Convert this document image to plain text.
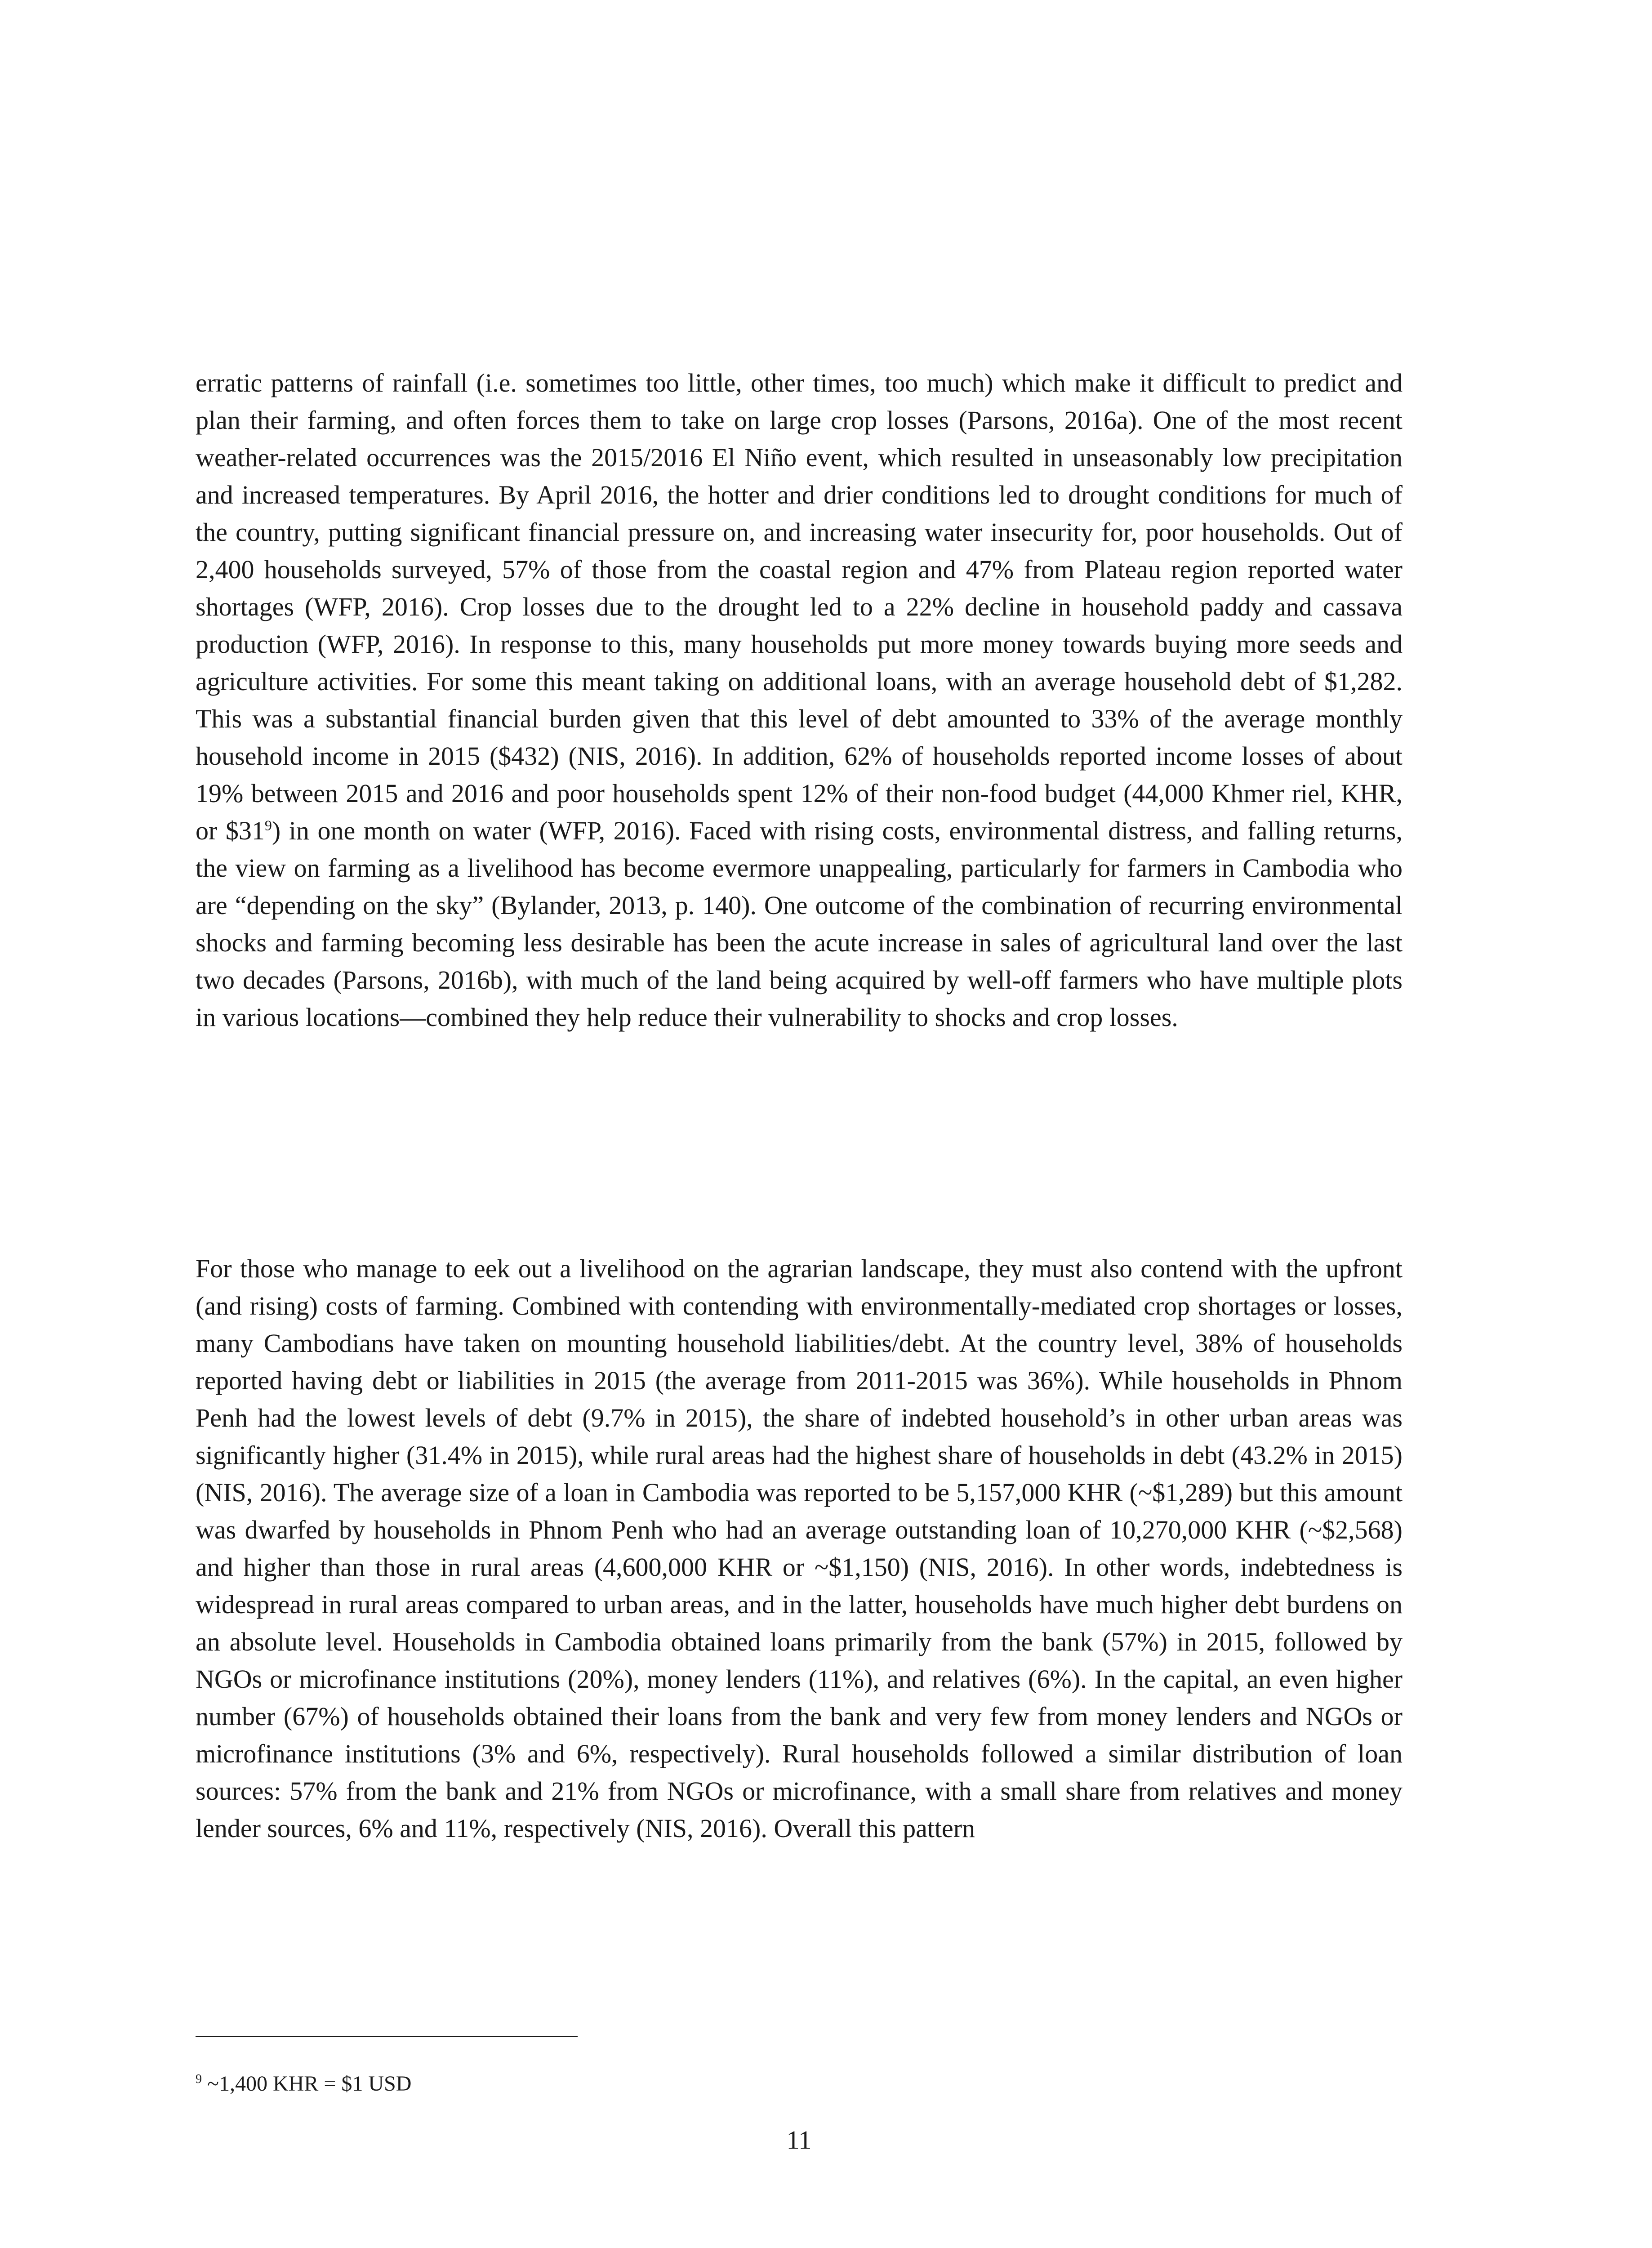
erratic patterns of rainfall (i.e. sometimes too little, other times, too much) which make it difficult to predict and plan their farming, and often forces them to take on large crop losses (Parsons, 2016a). One of the most recent weather-related occurrences was the 2015/2016 El Niño event, which resulted in unseasonably low precipitation and increased temperatures. By April 2016, the hotter and drier conditions led to drought conditions for much of the country, putting significant financial pressure on, and increasing water insecurity for, poor households. Out of 2,400 households surveyed, 57% of those from the coastal region and 47% from Plateau region reported water shortages (WFP, 2016). Crop losses due to the drought led to a 22% decline in household paddy and cassava production (WFP, 2016). In response to this, many households put more money towards buying more seeds and agriculture activities. For some this meant taking on additional loans, with an average household debt of $1,282. This was a substantial financial burden given that this level of debt amounted to 33% of the average monthly household income in 2015 ($432) (NIS, 2016). In addition, 62% of households reported income losses of about 19% between 2015 and 2016 and poor households spent 12% of their non-food budget (44,000 Khmer riel, KHR, or $31$^9$) in one month on water (WFP, 2016). Faced with rising costs, environmental distress, and falling returns, the view on farming as a livelihood has become evermore unappealing, particularly for farmers in Cambodia who are “depending on the sky” (Bylander, 2013, p. 140). One outcome of the combination of recurring environmental shocks and farming becoming less desirable has been the acute increase in sales of agricultural land over the last two decades (Parsons, 2016b), with much of the land being acquired by well-off farmers who have multiple plots in various locations—combined they help reduce their vulnerability to shocks and crop losses.

For those who manage to eek out a livelihood on the agrarian landscape, they must also contend with the upfront (and rising) costs of farming. Combined with contending with environmentally-mediated crop shortages or losses, many Cambodians have taken on mounting household liabilities/debt. At the country level, 38% of households reported having debt or liabilities in 2015 (the average from 2011-2015 was 36%). While households in Phnom Penh had the lowest levels of debt (9.7% in 2015), the share of indebted household’s in other urban areas was significantly higher (31.4% in 2015), while rural areas had the highest share of households in debt (43.2% in 2015) (NIS, 2016). The average size of a loan in Cambodia was reported to be 5,157,000 KHR (~$1,289) but this amount was dwarfed by households in Phnom Penh who had an average outstanding loan of 10,270,000 KHR (~$2,568) and higher than those in rural areas (4,600,000 KHR or ~$1,150) (NIS, 2016). In other words, indebtedness is widespread in rural areas compared to urban areas, and in the latter, households have much higher debt burdens on an absolute level. Households in Cambodia obtained loans primarily from the bank (57%) in 2015, followed by NGOs or microfinance institutions (20%), money lenders (11%), and relatives (6%). In the capital, an even higher number (67%) of households obtained their loans from the bank and very few from money lenders and NGOs or microfinance institutions (3% and 6%, respectively). Rural households followed a similar distribution of loan sources: 57% from the bank and 21% from NGOs or microfinance, with a small share from relatives and money lender sources, 6% and 11%, respectively (NIS, 2016). Overall this pattern

$^9$ ~1,400 KHR = $1 USD

11
